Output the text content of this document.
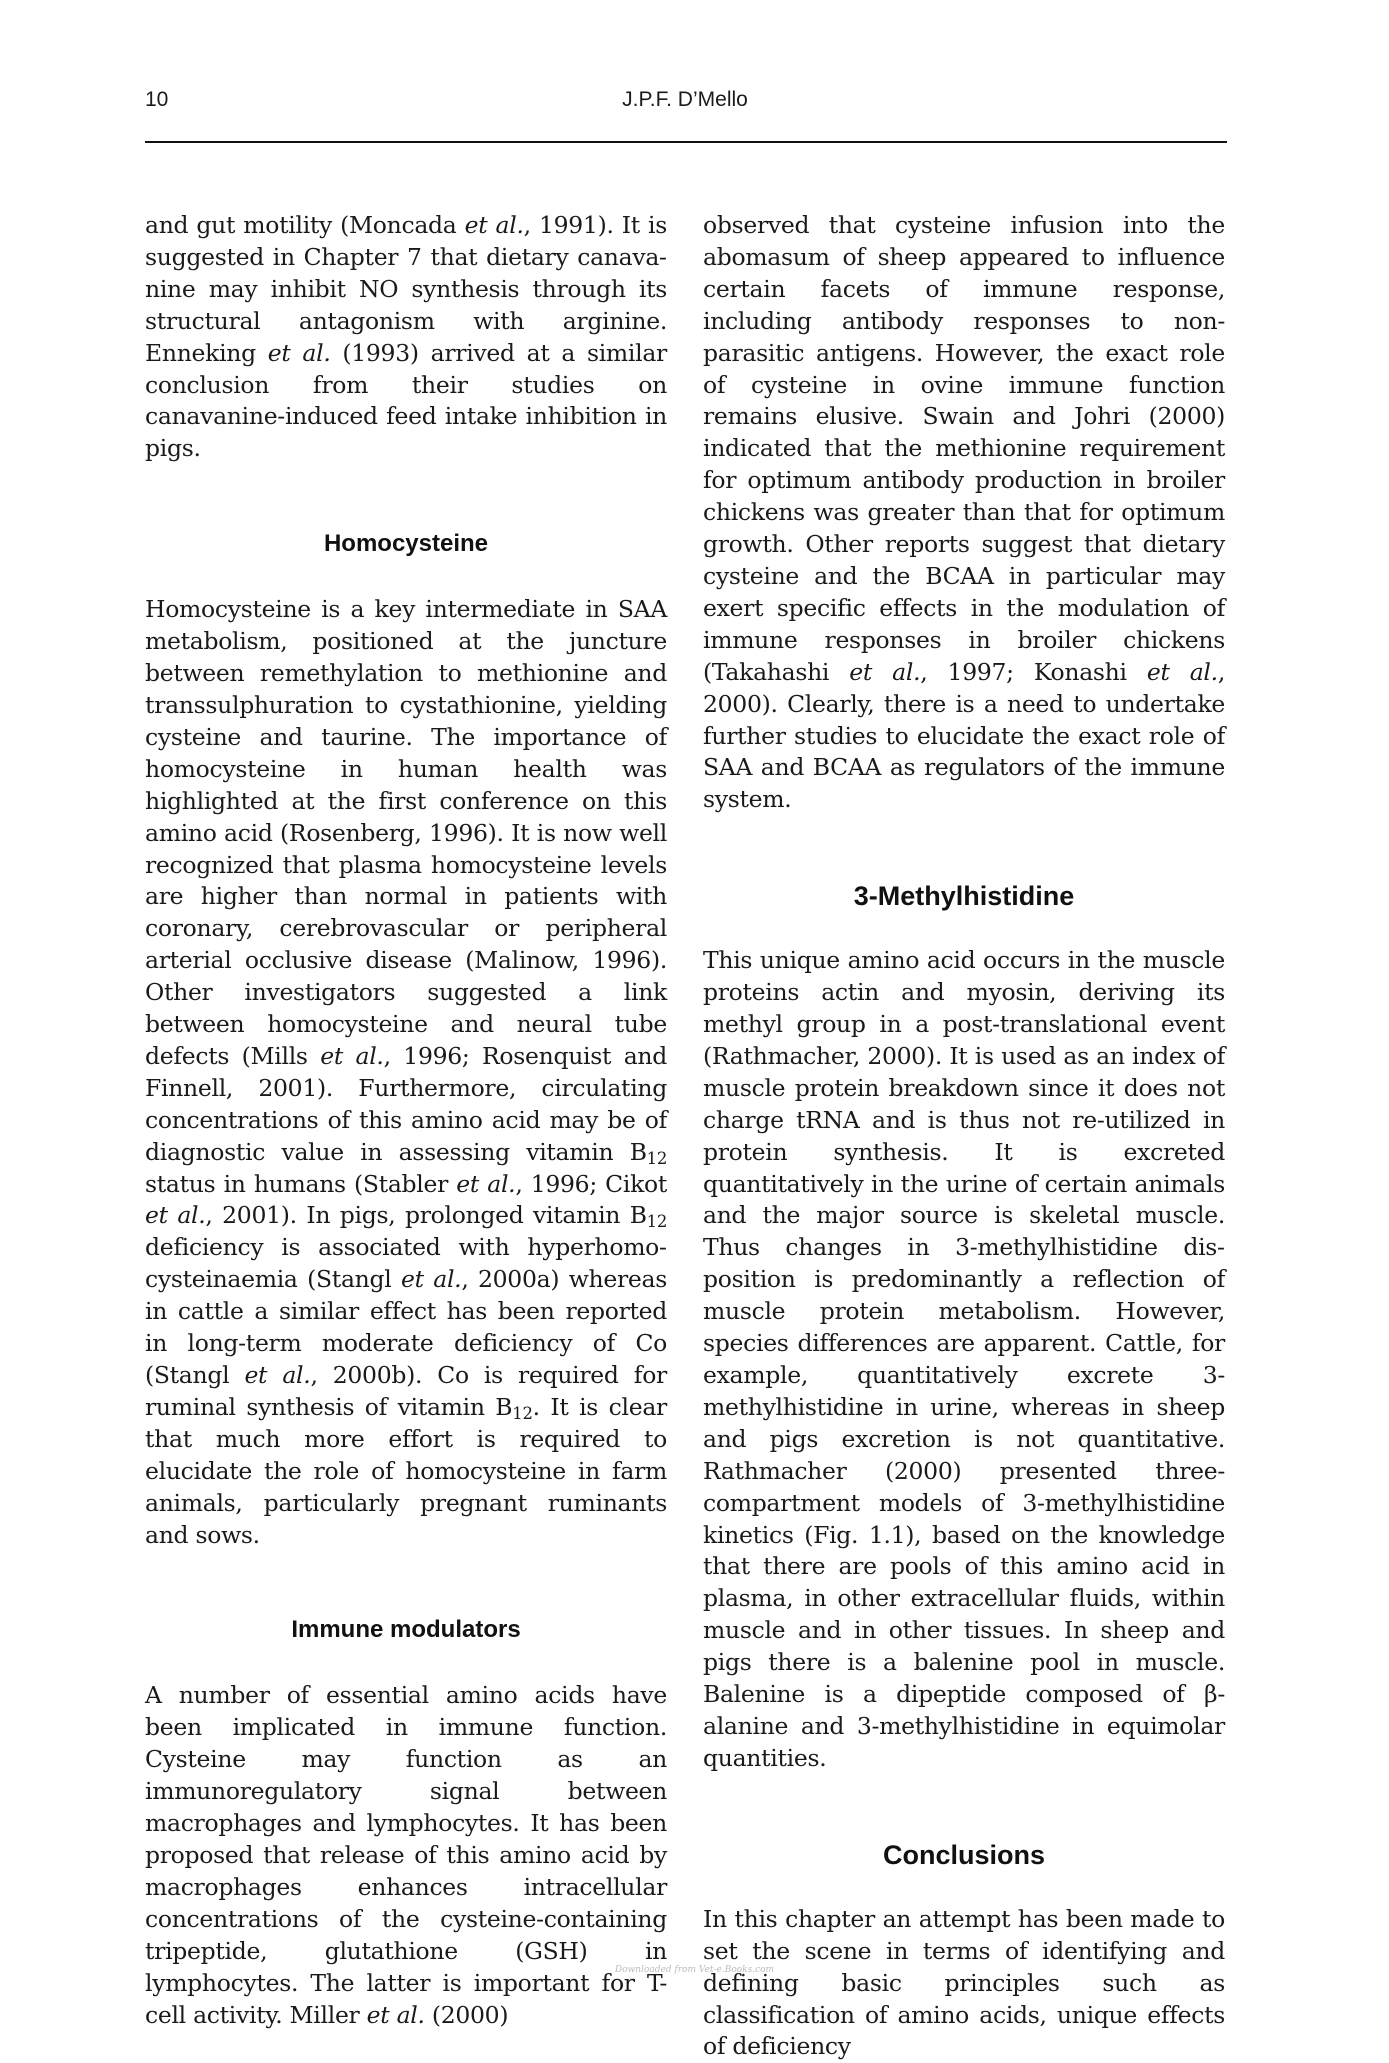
10	J.P.F. D’Mello

and gut motility (Moncada et al., 1991). It is suggested in Chapter 7 that dietary canavanine may inhibit NO synthesis through its structural antagonism with arginine. Enneking et al. (1993) arrived at a similar conclusion from their studies on canavanine-induced feed intake inhibition in pigs.

Homocysteine

Homocysteine is a key intermediate in SAA metabolism, positioned at the juncture between remethylation to methionine and transsulphuration to cystathionine, yielding cysteine and taurine. The importance of homocysteine in human health was highlighted at the first conference on this amino acid (Rosenberg, 1996). It is now well recognized that plasma homocysteine levels are higher than normal in patients with coronary, cerebrovascular or peripheral arterial occlusive disease (Malinow, 1996). Other investigators suggested a link between homocysteine and neural tube defects (Mills et al., 1996; Rosenquist and Finnell, 2001). Furthermore, circulating concentrations of this amino acid may be of diagnostic value in assessing vitamin $B_{12}$ status in humans (Stabler et al., 1996; Cikot et al., 2001). In pigs, prolonged vitamin $B_{12}$ deficiency is associated with hyperhomocysteinaemia (Stangl et al., 2000a) whereas in cattle a similar effect has been reported in long-term moderate deficiency of Co (Stangl et al., 2000b). Co is required for ruminal synthesis of vitamin $B_{12}$. It is clear that much more effort is required to elucidate the role of homocysteine in farm animals, particularly pregnant ruminants and sows.

Immune modulators

A number of essential amino acids have been implicated in immune function. Cysteine may function as an immunoregulatory signal between macrophages and lymphocytes. It has been proposed that release of this amino acid by macrophages enhances intracellular concentrations of the cysteine-containing tripeptide, glutathione (GSH) in lymphocytes. The latter is important for T-cell activity. Miller et al. (2000)

observed that cysteine infusion into the abomasum of sheep appeared to influence certain facets of immune response, including antibody responses to non-parasitic antigens. However, the exact role of cysteine in ovine immune function remains elusive. Swain and Johri (2000) indicated that the methionine requirement for optimum antibody production in broiler chickens was greater than that for optimum growth. Other reports suggest that dietary cysteine and the BCAA in particular may exert specific effects in the modulation of immune responses in broiler chickens (Takahashi et al., 1997; Konashi et al., 2000). Clearly, there is a need to undertake further studies to elucidate the exact role of SAA and BCAA as regulators of the immune system.

3-Methylhistidine

This unique amino acid occurs in the muscle proteins actin and myosin, deriving its methyl group in a post-translational event (Rathmacher, 2000). It is used as an index of muscle protein breakdown since it does not charge tRNA and is thus not re-utilized in protein synthesis. It is excreted quantitatively in the urine of certain animals and the major source is skeletal muscle. Thus changes in 3-methylhistidine disposition is predominantly a reflection of muscle protein metabolism. However, species differences are apparent. Cattle, for example, quantitatively excrete 3-methylhistidine in urine, whereas in sheep and pigs excretion is not quantitative. Rathmacher (2000) presented three-compartment models of 3-methylhistidine kinetics (Fig. 1.1), based on the knowledge that there are pools of this amino acid in plasma, in other extracellular fluids, within muscle and in other tissues. In sheep and pigs there is a balenine pool in muscle. Balenine is a dipeptide composed of β-alanine and 3-methylhistidine in equimolar quantities.

Conclusions

In this chapter an attempt has been made to set the scene in terms of identifying and defining basic principles such as classification of amino acids, unique effects of deficiency

Downloaded from Vet-e.Books.com
